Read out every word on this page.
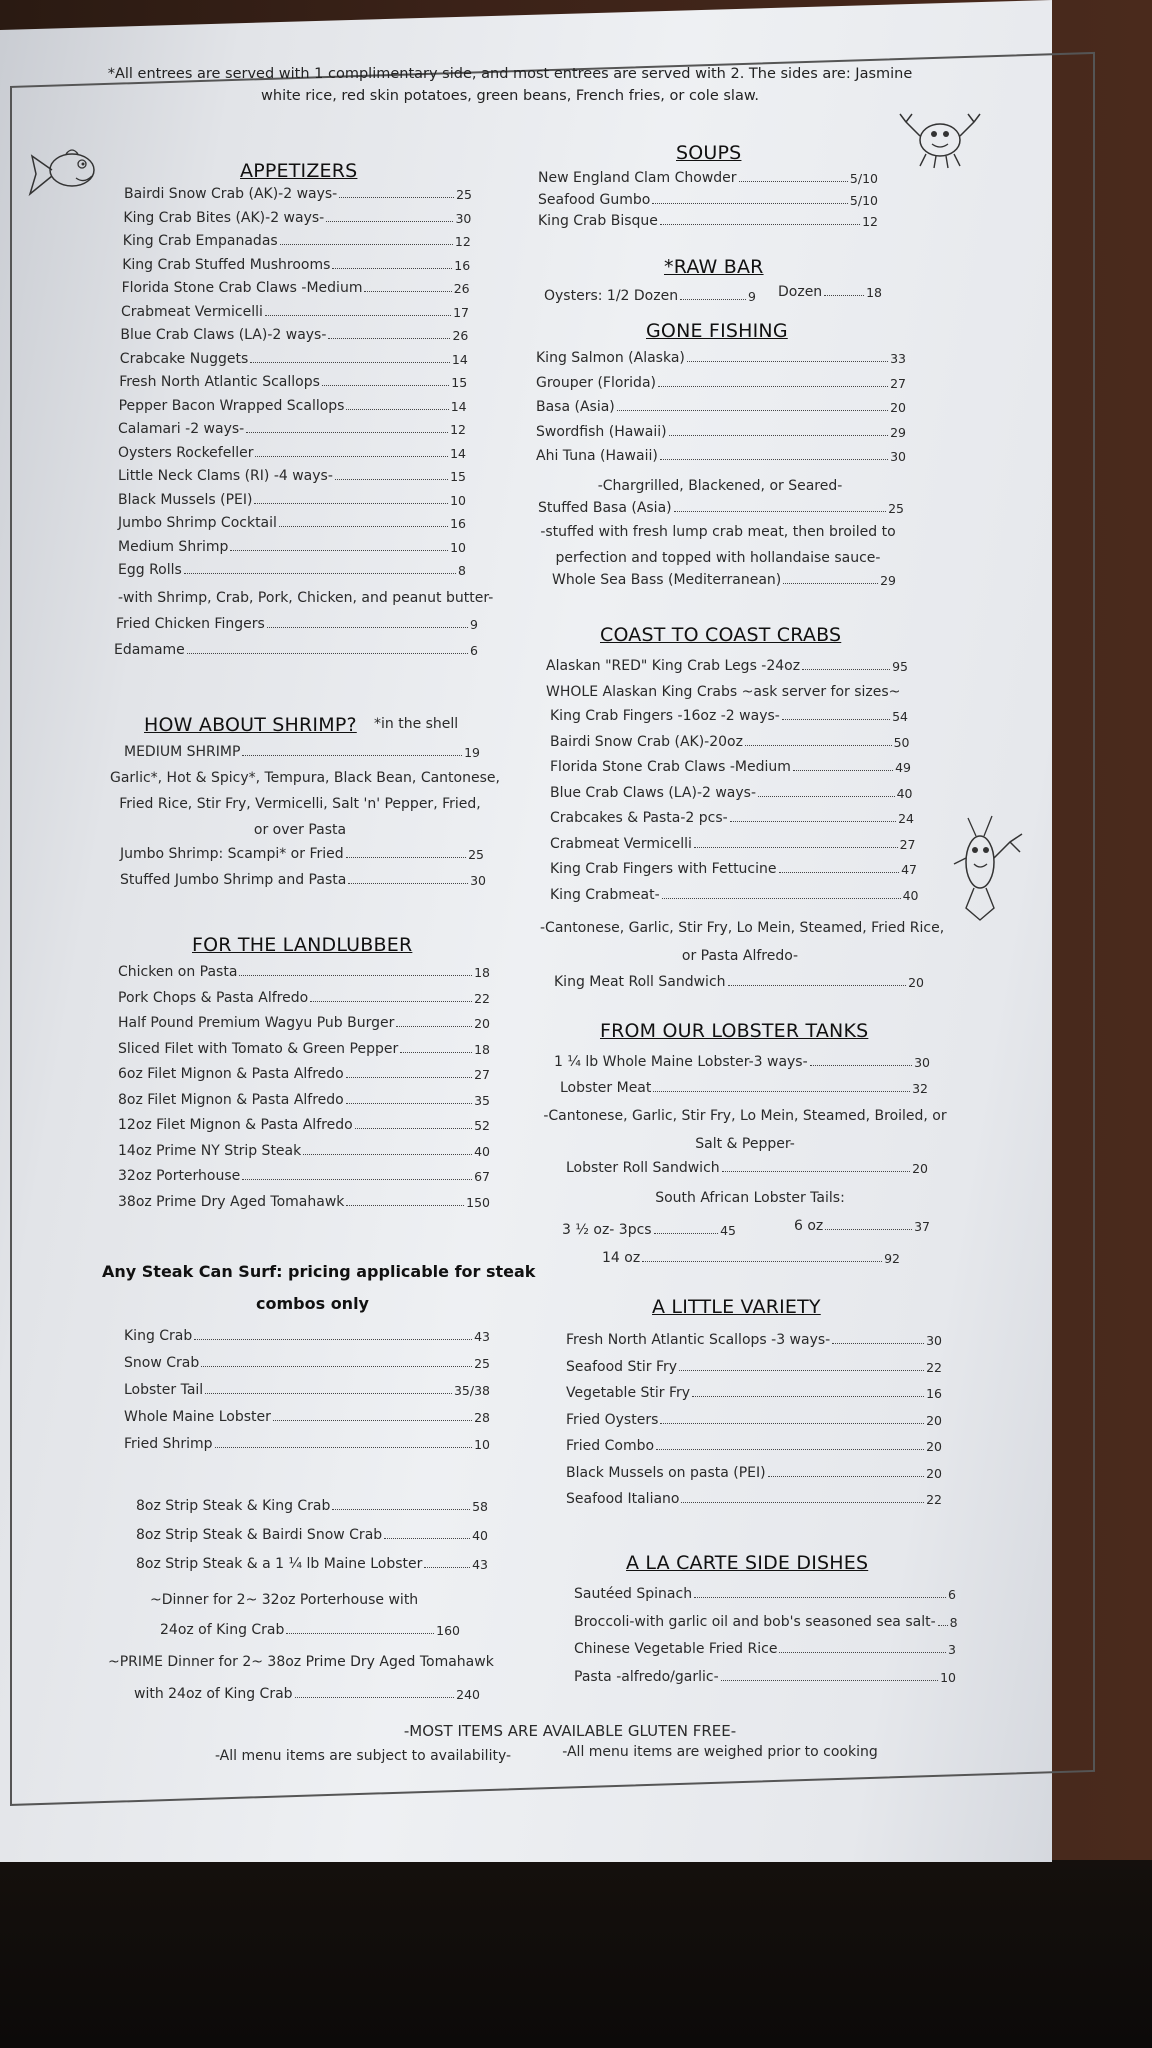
*All entrees are served with 1 complimentary side, and most entrees are served with 2. The sides are: Jasmine
white rice, red skin potatoes, green beans, French fries, or cole slaw.
APPETIZERS
Bairdi Snow Crab (AK)-2 ways-	25
King Crab Bites (AK)-2 ways-	30
King Crab Empanadas	12
King Crab Stuffed Mushrooms	16
Florida Stone Crab Claws -Medium	26
Crabmeat Vermicelli	17
Blue Crab Claws (LA)-2 ways-	26
Crabcake Nuggets	14
Fresh North Atlantic Scallops	15
Pepper Bacon Wrapped Scallops	14
Calamari -2 ways-	12
Oysters Rockefeller	14
Little Neck Clams (RI) -4 ways-	15
Black Mussels (PEI)	10
Jumbo Shrimp Cocktail	16
Medium Shrimp	10
Egg Rolls	8
-with Shrimp, Crab, Pork, Chicken, and peanut butter-
Fried Chicken Fingers	9
Edamame	6
HOW ABOUT SHRIMP? *in the shell
MEDIUM SHRIMP	19
Garlic*, Hot & Spicy*, Tempura, Black Bean, Cantonese,
Fried Rice, Stir Fry, Vermicelli, Salt 'n' Pepper, Fried,
or over Pasta
Jumbo Shrimp: Scampi* or Fried	25
Stuffed Jumbo Shrimp and Pasta	30
FOR THE LANDLUBBER
Chicken on Pasta	18
Pork Chops & Pasta Alfredo	22
Half Pound Premium Wagyu Pub Burger	20
Sliced Filet with Tomato & Green Pepper	18
6oz Filet Mignon & Pasta Alfredo	27
8oz Filet Mignon & Pasta Alfredo	35
12oz Filet Mignon & Pasta Alfredo	52
14oz Prime NY Strip Steak	40
32oz Porterhouse	67
38oz Prime Dry Aged Tomahawk	150
Any Steak Can Surf: pricing applicable for steak
combos only
King Crab	43
Snow Crab	25
Lobster Tail	35/38
Whole Maine Lobster	28
Fried Shrimp	10
8oz Strip Steak & King Crab	58
8oz Strip Steak & Bairdi Snow Crab	40
8oz Strip Steak & a 1 ¼ lb Maine Lobster	43
~Dinner for 2~ 32oz Porterhouse with
24oz of King Crab	160
~PRIME Dinner for 2~ 38oz Prime Dry Aged Tomahawk
with 24oz of King Crab	240
SOUPS
New England Clam Chowder	5/10
Seafood Gumbo	5/10
King Crab Bisque	12
*RAW BAR
Oysters: 1/2 Dozen	9 Dozen	18
GONE FISHING
King Salmon (Alaska)	33
Grouper (Florida)	27
Basa (Asia)	20
Swordfish (Hawaii)	29
Ahi Tuna (Hawaii)	30
-Chargrilled, Blackened, or Seared-
Stuffed Basa (Asia)	25
-stuffed with fresh lump crab meat, then broiled to
perfection and topped with hollandaise sauce-
Whole Sea Bass (Mediterranean)	29
COAST TO COAST CRABS
Alaskan "RED" King Crab Legs -24oz	95
WHOLE Alaskan King Crabs ~ask server for sizes~
King Crab Fingers -16oz -2 ways-	54
Bairdi Snow Crab (AK)-20oz	50
Florida Stone Crab Claws -Medium	49
Blue Crab Claws (LA)-2 ways-	40
Crabcakes & Pasta-2 pcs-	24
Crabmeat Vermicelli	27
King Crab Fingers with Fettucine	47
King Crabmeat-	40
-Cantonese, Garlic, Stir Fry, Lo Mein, Steamed, Fried Rice,
or Pasta Alfredo-
King Meat Roll Sandwich	20
FROM OUR LOBSTER TANKS
1 ¼ lb Whole Maine Lobster-3 ways-	30
Lobster Meat	32
-Cantonese, Garlic, Stir Fry, Lo Mein, Steamed, Broiled, or
Salt & Pepper-
Lobster Roll Sandwich	20
South African Lobster Tails:
3 ½ oz- 3pcs	45	6 oz	37
14 oz	92
A LITTLE VARIETY
Fresh North Atlantic Scallops -3 ways-	30
Seafood Stir Fry	22
Vegetable Stir Fry	16
Fried Oysters	20
Fried Combo	20
Black Mussels on pasta (PEI)	20
Seafood Italiano	22
A LA CARTE SIDE DISHES
Sautéed Spinach	6
Broccoli-with garlic oil and bob's seasoned sea salt- 8
Chinese Vegetable Fried Rice	3
Pasta -alfredo/garlic-	10
-MOST ITEMS ARE AVAILABLE GLUTEN FREE-
-All menu items are subject to availability-	-All menu items are weighed prior to cooking
